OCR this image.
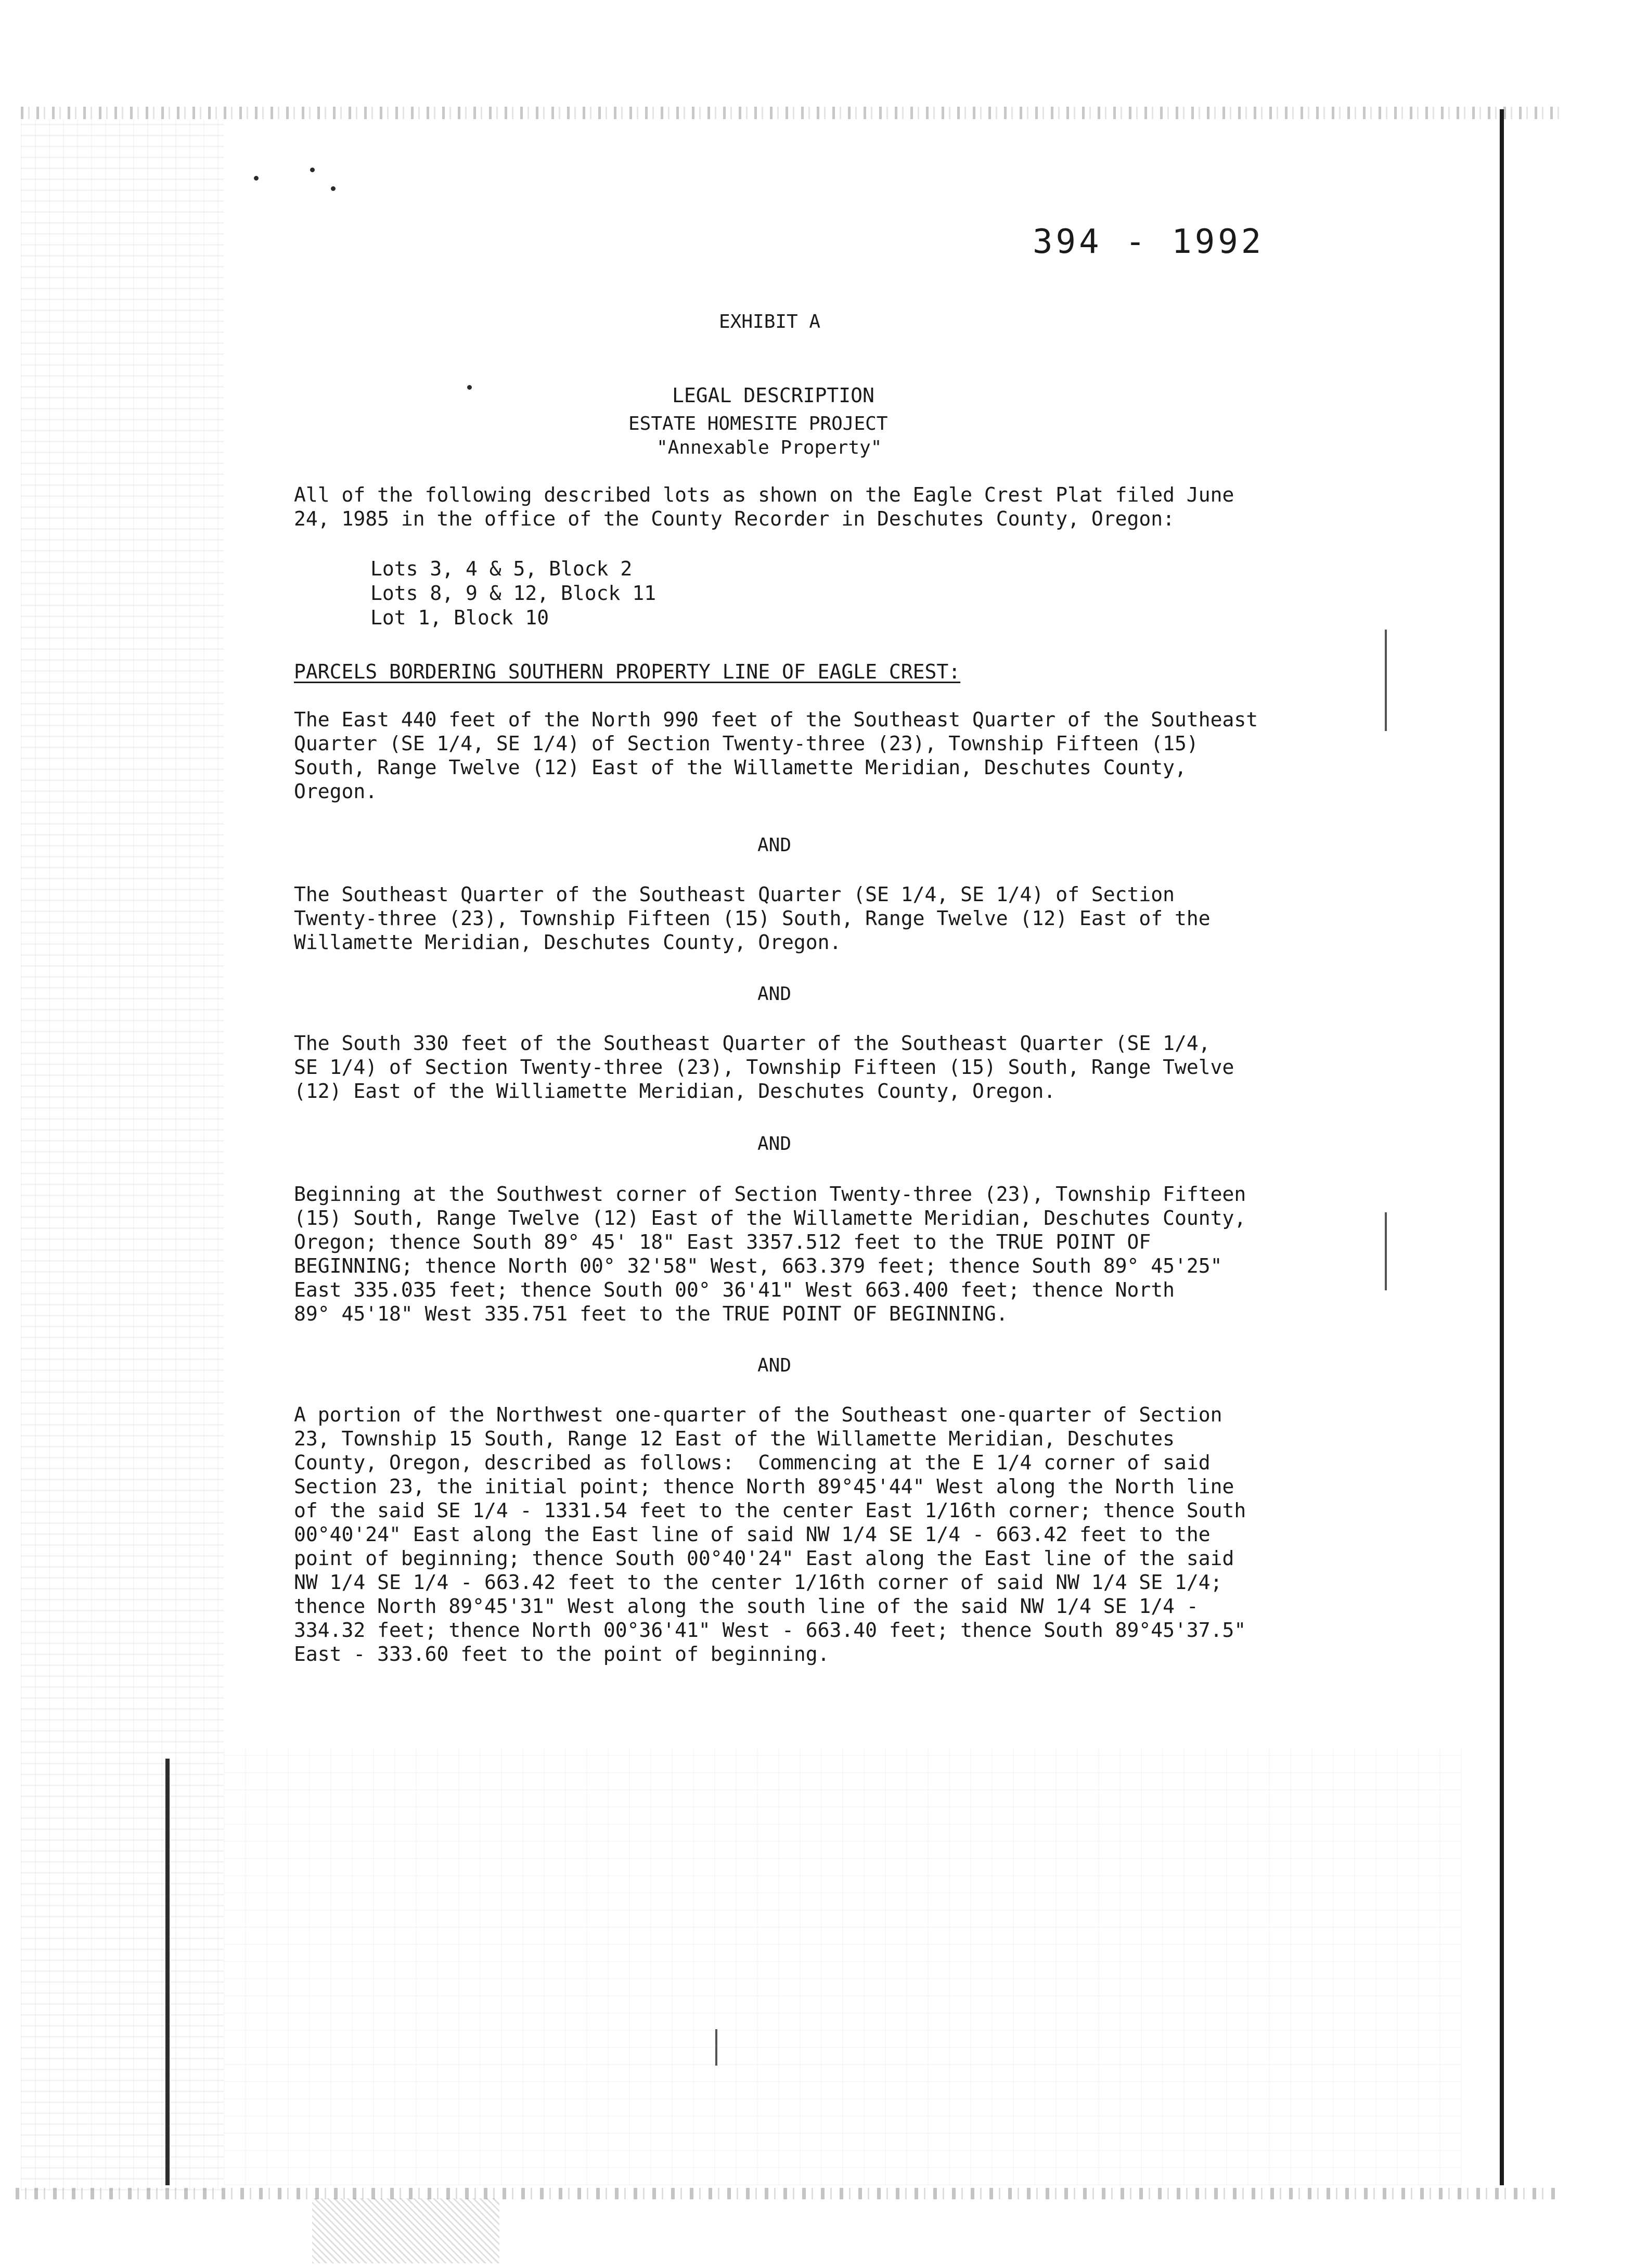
394 - 1992
EXHIBIT A
LEGAL DESCRIPTION
ESTATE HOMESITE PROJECT
"Annexable Property"
All of the following described lots as shown on the Eagle Crest Plat filed June
24, 1985 in the office of the County Recorder in Deschutes County, Oregon:
Lots 3, 4 & 5, Block 2
Lots 8, 9 & 12, Block 11
Lot 1, Block 10
PARCELS BORDERING SOUTHERN PROPERTY LINE OF EAGLE CREST:
The East 440 feet of the North 990 feet of the Southeast Quarter of the Southeast
Quarter (SE 1/4, SE 1/4) of Section Twenty-three (23), Township Fifteen (15)
South, Range Twelve (12) East of the Willamette Meridian, Deschutes County,
Oregon.
AND
The Southeast Quarter of the Southeast Quarter (SE 1/4, SE 1/4) of Section
Twenty-three (23), Township Fifteen (15) South, Range Twelve (12) East of the
Willamette Meridian, Deschutes County, Oregon.
AND
The South 330 feet of the Southeast Quarter of the Southeast Quarter (SE 1/4,
SE 1/4) of Section Twenty-three (23), Township Fifteen (15) South, Range Twelve
(12) East of the Williamette Meridian, Deschutes County, Oregon.
AND
Beginning at the Southwest corner of Section Twenty-three (23), Township Fifteen
(15) South, Range Twelve (12) East of the Willamette Meridian, Deschutes County,
Oregon; thence South 89° 45' 18" East 3357.512 feet to the TRUE POINT OF
BEGINNING; thence North 00° 32'58" West, 663.379 feet; thence South 89° 45'25"
East 335.035 feet; thence South 00° 36'41" West 663.400 feet; thence North
89° 45'18" West 335.751 feet to the TRUE POINT OF BEGINNING.
AND
A portion of the Northwest one-quarter of the Southeast one-quarter of Section
23, Township 15 South, Range 12 East of the Willamette Meridian, Deschutes
County, Oregon, described as follows:  Commencing at the E 1/4 corner of said
Section 23, the initial point; thence North 89°45'44" West along the North line
of the said SE 1/4 - 1331.54 feet to the center East 1/16th corner; thence South
00°40'24" East along the East line of said NW 1/4 SE 1/4 - 663.42 feet to the
point of beginning; thence South 00°40'24" East along the East line of the said
NW 1/4 SE 1/4 - 663.42 feet to the center 1/16th corner of said NW 1/4 SE 1/4;
thence North 89°45'31" West along the south line of the said NW 1/4 SE 1/4 -
334.32 feet; thence North 00°36'41" West - 663.40 feet; thence South 89°45'37.5"
East - 333.60 feet to the point of beginning.
